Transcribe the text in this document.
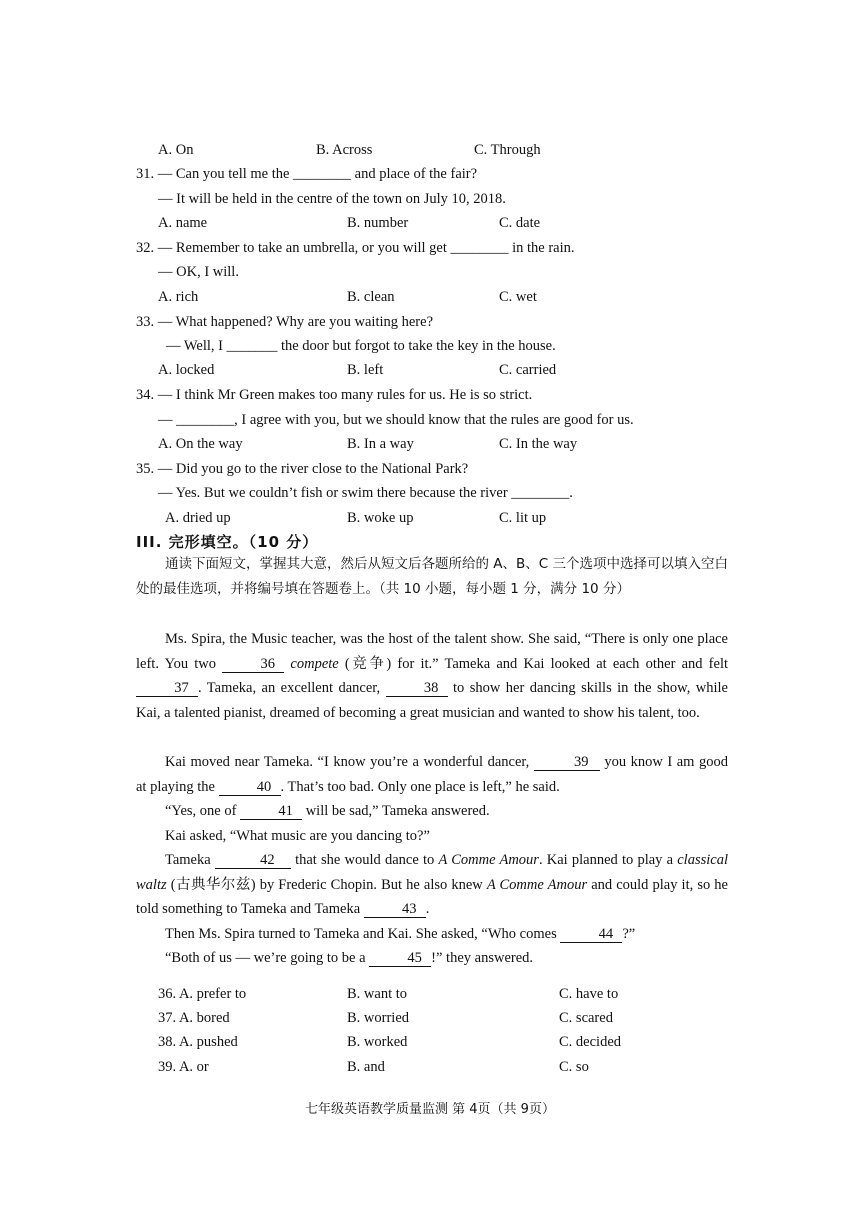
A. On	B. Across	C. Through
31. — Can you tell me the ________ and place of the fair?
— It will be held in the centre of the town on July 10, 2018.
A. name	B. number	C. date
32. — Remember to take an umbrella, or you will get ________ in the rain.
— OK, I will.
A. rich	B. clean	C. wet
33. — What happened? Why are you waiting here?
— Well, I _______ the door but forgot to take the key in the house.
A. locked	B. left	C. carried
34. — I think Mr Green makes too many rules for us. He is so strict.
— ________, I agree with you, but we should know that the rules are good for us.
A. On the way	B. In a way	C. In the way
35. — Did you go to the river close to the National Park?
— Yes. But we couldn’t fish or swim there because the river ________.
A. dried up	B. woke up	C. lit up
III. 完形填空。（10 分）
通读下面短文，掌握其大意，然后从短文后各题所给的 A、B、C 三个选项中选择可以填入空白处的最佳选项，并将编号填在答题卷上。（共 10 小题，每小题 1 分，满分 10 分）
Ms. Spira, the Music teacher, was the host of the talent show. She said, “There is only one place left. You two	36 compete (竞争) for it.” Tameka and Kai looked at each other and felt 37 . Tameka, an excellent dancer,	38 to show her dancing skills in the show, while Kai, a talented pianist, dreamed of becoming a great musician and wanted to show his talent, too.
Kai moved near Tameka. “I know you’re a wonderful dancer,	39 you know I am good at playing the	40 . That’s too bad. Only one place is left,” he said.
“Yes, one of	41 will be sad,” Tameka answered.
Kai asked, “What music are you dancing to?”
Tameka	42 that she would dance to A Comme Amour. Kai planned to play a classical waltz (古典华尔兹) by Frederic Chopin. But he also knew A Comme Amour and could play it, so he told something to Tameka and Tameka	43 .
Then Ms. Spira turned to Tameka and Kai. She asked, “Who comes	44 ?”
“Both of us — we’re going to be a	45 !” they answered.
36. A. prefer to	B. want to	C. have to
37. A. bored	B. worried	C. scared
38. A. pushed	B. worked	C. decided
39. A. or	B. and	C. so
七年级英语教学质量监测 第 4页（共 9页）
